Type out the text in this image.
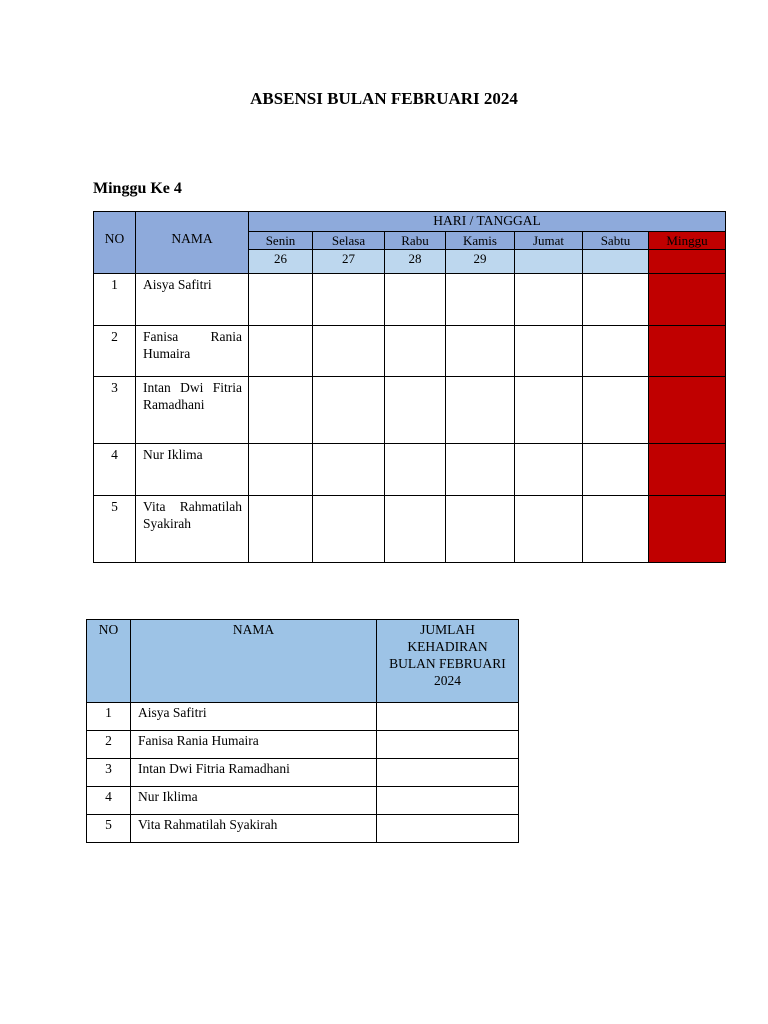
ABSENSI BULAN FEBRUARI 2024
Minggu Ke 4
NO	NAMA	HARI / TANGGAL						
		Senin	Selasa	Rabu	Kamis	Jumat	Sabtu	Minggu
		26	27	28	29			
1	Aisya Safitri							
2	Fanisa Rania Humaira							
3	Intan Dwi Fitria Ramadhani							
4	Nur Iklima							
5	Vita Rahmatilah Syakirah							
NO	NAMA	JUMLAH KEHADIRAN BULAN FEBRUARI 2024
1	Aisya Safitri	
2	Fanisa Rania Humaira	
3	Intan Dwi Fitria Ramadhani	
4	Nur Iklima	
5	Vita Rahmatilah Syakirah	
